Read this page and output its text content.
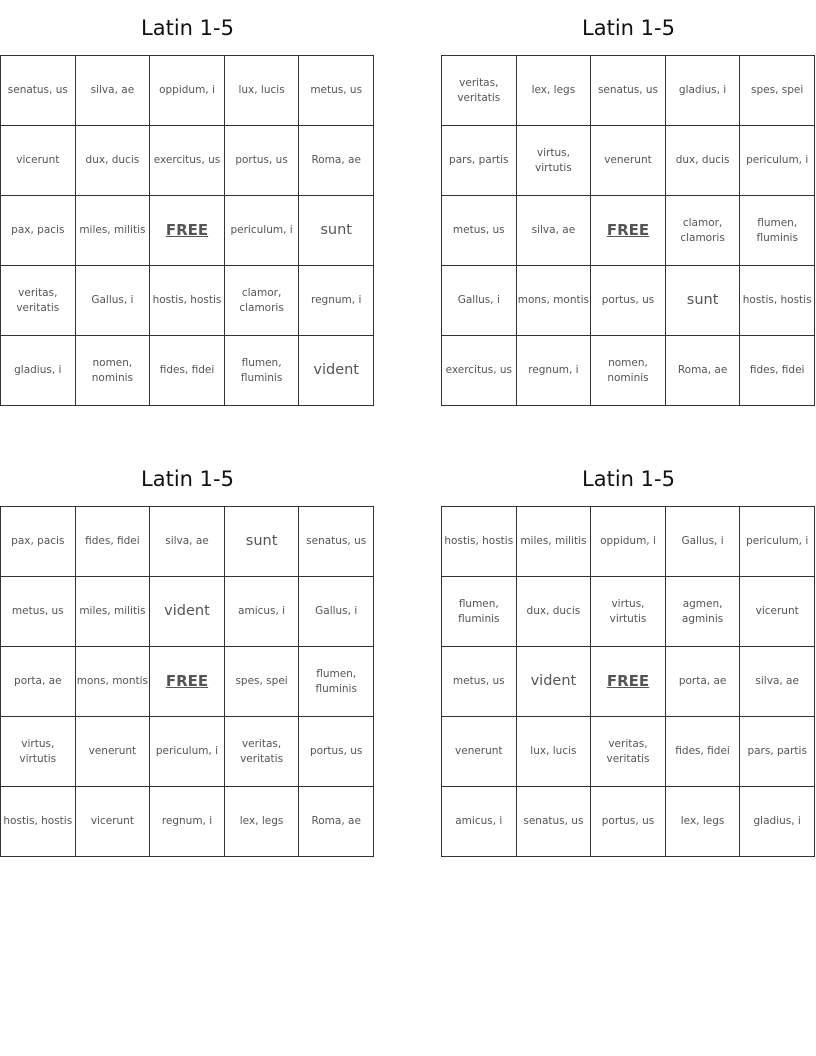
Latin 1-5
senatus, us	silva, ae	oppidum, i	lux, lucis	metus, us
vicerunt	dux, ducis	exercitus, us	portus, us	Roma, ae
pax, pacis	miles, militis	FREE	periculum, i	sunt
veritas, veritatis	Gallus, i	hostis, hostis	clamor, clamoris	regnum, i
gladius, i	nomen, nominis	fides, fidei	flumen, fluminis	vident
Latin 1-5
veritas, veritatis	lex, legs	senatus, us	gladius, i	spes, spei
pars, partis	virtus, virtutis	venerunt	dux, ducis	periculum, i
metus, us	silva, ae	FREE	clamor, clamoris	flumen, fluminis
Gallus, i	mons, montis	portus, us	sunt	hostis, hostis
exercitus, us	regnum, i	nomen, nominis	Roma, ae	fides, fidei
Latin 1-5
pax, pacis	fides, fidei	silva, ae	sunt	senatus, us
metus, us	miles, militis	vident	amicus, i	Gallus, i
porta, ae	mons, montis	FREE	spes, spei	flumen, fluminis
virtus, virtutis	venerunt	periculum, i	veritas, veritatis	portus, us
hostis, hostis	vicerunt	regnum, i	lex, legs	Roma, ae
Latin 1-5
hostis, hostis	miles, militis	oppidum, i	Gallus, i	periculum, i
flumen, fluminis	dux, ducis	virtus, virtutis	agmen, agminis	vicerunt
metus, us	vident	FREE	porta, ae	silva, ae
venerunt	lux, lucis	veritas, veritatis	fides, fidei	pars, partis
amicus, i	senatus, us	portus, us	lex, legs	gladius, i
